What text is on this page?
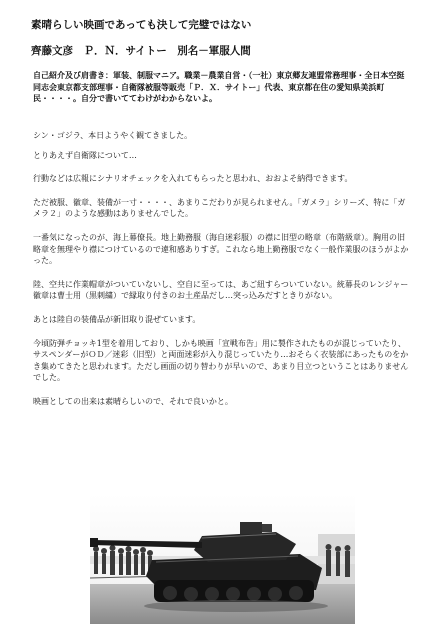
素晴らしい映画であっても決して完璧ではない
齊藤文彦　Ｐ．Ｎ．サイトー　別名－軍服人間
自己紹介及び肩書き：軍装、制服マニア。職業－農業自営・（一社）東京郷友連盟常務理事・全日本空挺同志会東京都支部理事・自衛隊被服等販売「Ｐ．Ｘ．サイトー」代表、東京都在住の愛知県美浜町民・・・・。自分で書いててわけがわからないよ。

シン・ゴジラ、本日ようやく観てきました。

とりあえず自衛隊について…

行動などは広報にシナリオチェックを入れてもらったと思われ、おおよそ納得できます。

ただ被服、徽章、装備が一寸・・・・、あまりこだわりが見られません。「ガメラ」シリーズ、特に「ガメラ２」のような感動はありませんでした。

一番気になったのが、海上幕僚長。地上勤務服（海自迷彩服）の襟に旧型の略章（布階級章）。胸用の旧略章を無理やり襟につけているので違和感ありすぎ。これなら地上勤務服でなく一般作業服のほうがよかった。

陸、空共に作業帽章がついていないし、空自に至っては、あご紐すらついていない。統幕長のレンジャー徽章は曹士用（黒刺繍）で縁取り付きのお土産品だし…突っ込みだすときりがない。

あとは陸自の装備品が新旧取り混ぜています。

今頃防弾チョッキ1型を着用しており、しかも映画「宣戦布告」用に製作されたものが混じっていたり、サスペンダーがＯＤ／迷彩（旧型）と両面迷彩が入り混じっていたり…おそらく衣装部にあったものをかき集めてきたと思われます。ただし画面の切り替わりが早いので、あまり目立つということはありませんでした。

映画としての出来は素晴らしいので、それで良いかと。
